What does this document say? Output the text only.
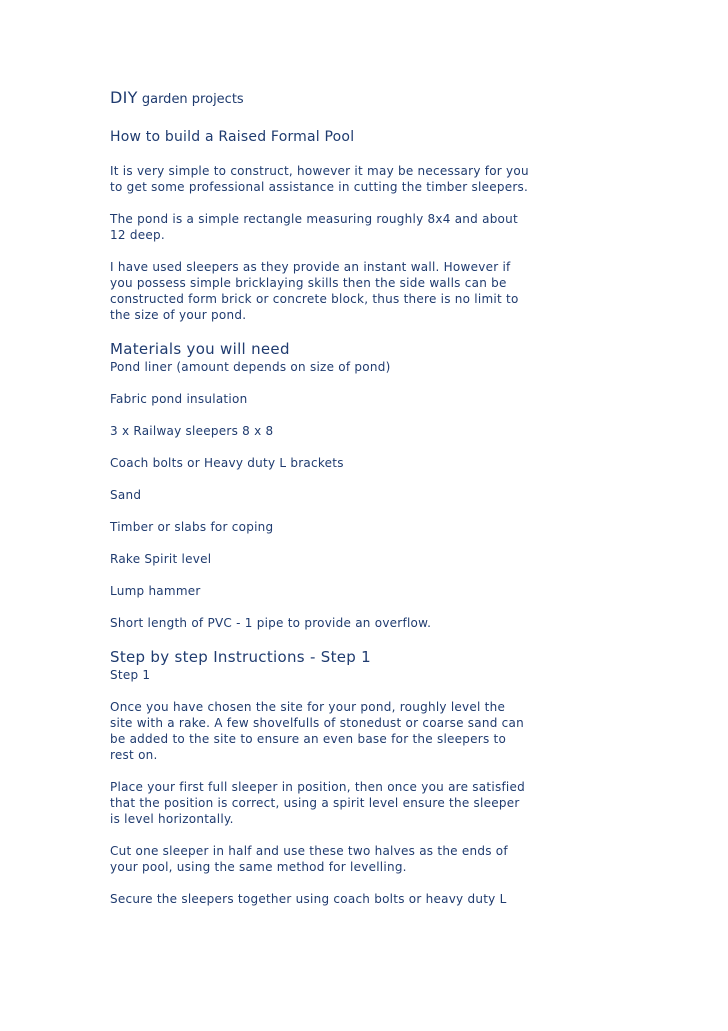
DIY garden projects
How to build a Raised Formal Pool

It is very simple to construct, however it may be necessary for you to get some professional assistance in cutting the timber sleepers.

The pond is a simple rectangle measuring roughly 8x4 and about 12 deep.

I have used sleepers as they provide an instant wall. However if you possess simple bricklaying skills then the side walls can be constructed form brick or concrete block, thus there is no limit to the size of your pond.

Materials you will need

Pond liner (amount depends on size of pond)

Fabric pond insulation

3 x Railway sleepers 8 x 8

Coach bolts or Heavy duty L brackets

Sand

Timber or slabs for coping

Rake Spirit level

Lump hammer

Short length of PVC - 1 pipe to provide an overflow.

Step by step Instructions - Step 1

Step 1

Once you have chosen the site for your pond, roughly level the site with a rake. A few shovelfulls of stonedust or coarse sand can be added to the site to ensure an even base for the sleepers to rest on.

Place your first full sleeper in position, then once you are satisfied that the position is correct, using a spirit level ensure the sleeper is level horizontally.

Cut one sleeper in half and use these two halves as the ends of your pool, using the same method for levelling.

Secure the sleepers together using coach bolts or heavy duty L
